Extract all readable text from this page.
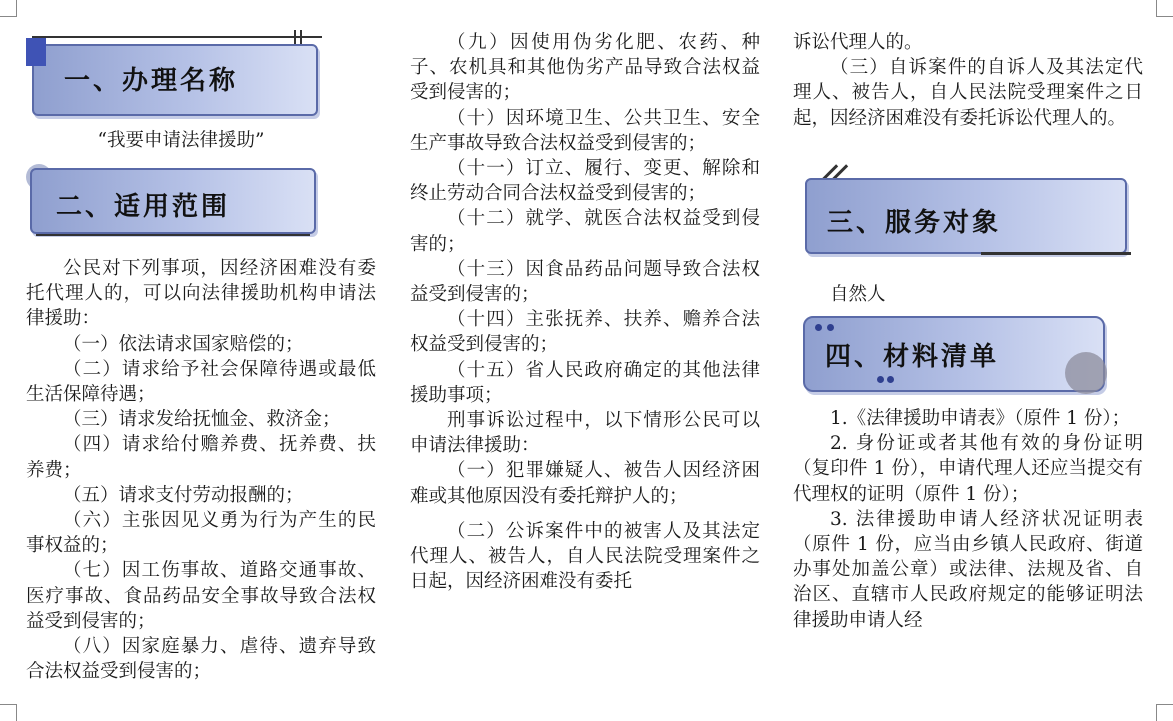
一、办理名称

“我要申请法律援助”

二、适用范围

公民对下列事项，因经济困难没有委托代理人的，可以向法律援助机构申请法律援助：

（一）依法请求国家赔偿的；

（二）请求给予社会保障待遇或最低生活保障待遇；

（三）请求发给抚恤金、救济金；

（四）请求给付赡养费、抚养费、扶养费；

（五）请求支付劳动报酬的；

（六）主张因见义勇为行为产生的民事权益的；

（七）因工伤事故、道路交通事故、医疗事故、食品药品安全事故导致合法权益受到侵害的；

（八）因家庭暴力、虐待、遗弃导致合法权益受到侵害的；

（九）因使用伪劣化肥、农药、种子、农机具和其他伪劣产品导致合法权益受到侵害的；

（十）因环境卫生、公共卫生、安全生产事故导致合法权益受到侵害的；

（十一）订立、履行、变更、解除和终止劳动合同合法权益受到侵害的；

（十二）就学、就医合法权益受到侵害的；

（十三）因食品药品问题导致合法权益受到侵害的；

（十四）主张抚养、扶养、赡养合法权益受到侵害的；

（十五）省人民政府确定的其他法律援助事项；

刑事诉讼过程中，以下情形公民可以申请法律援助：

（一）犯罪嫌疑人、被告人因经济困难或其他原因没有委托辩护人的；

（二）公诉案件中的被害人及其法定代理人、被告人，自人民法院受理案件之日起，因经济困难没有委托

诉讼代理人的。

（三）自诉案件的自诉人及其法定代理人、被告人，自人民法院受理案件之日起，因经济困难没有委托诉讼代理人的。

三、服务对象

自然人

四、材料清单

1.《法律援助申请表》（原件 1 份）；

2. 身份证或者其他有效的身份证明（复印件 1 份），申请代理人还应当提交有代理权的证明（原件 1 份）；

3. 法律援助申请人经济状况证明表（原件 1 份，应当由乡镇人民政府、街道办事处加盖公章）或法律、法规及省、自治区、直辖市人民政府规定的能够证明法律援助申请人经
